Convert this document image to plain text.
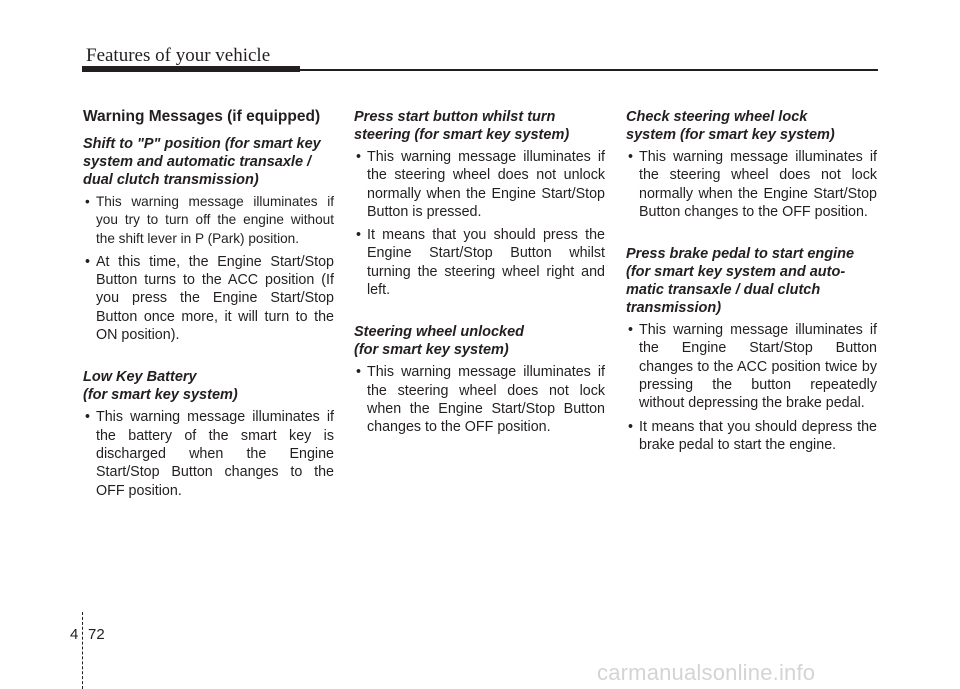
Features of your vehicle
Warning Messages (if equipped)
Shift to "P" position (for smart key
system and automatic transaxle /
dual clutch transmission)
• This warning message illuminates if you try to turn off the engine without the shift lever in P (Park) position.
• At this time, the Engine Start/Stop Button turns to the ACC position (If you press the Engine Start/Stop Button once more, it will turn to the ON position).
Low Key Battery
(for smart key system)
• This warning message illuminates if the battery of the smart key is discharged when the Engine Start/Stop Button changes to the OFF position.
Press start button whilst turn
steering (for smart key system)
• This warning message illuminates if the steering wheel does not unlock normally when the Engine Start/Stop Button is pressed.
• It means that you should press the Engine Start/Stop Button whilst turning the steering wheel right and left.
Steering wheel unlocked
(for smart key system)
• This warning message illuminates if the steering wheel does not lock when the Engine Start/Stop Button changes to the OFF position.
Check steering wheel lock
system (for smart key system)
• This warning message illuminates if the steering wheel does not lock normally when the Engine Start/Stop Button changes to the OFF position.
Press brake pedal to start engine
(for smart key system and auto-
matic transaxle / dual clutch
transmission)
• This warning message illuminates if the Engine Start/Stop Button changes to the ACC position twice by pressing the button repeatedly without depressing the brake pedal.
• It means that you should depress the brake pedal to start the engine.
4 72
carmanualsonline.info
